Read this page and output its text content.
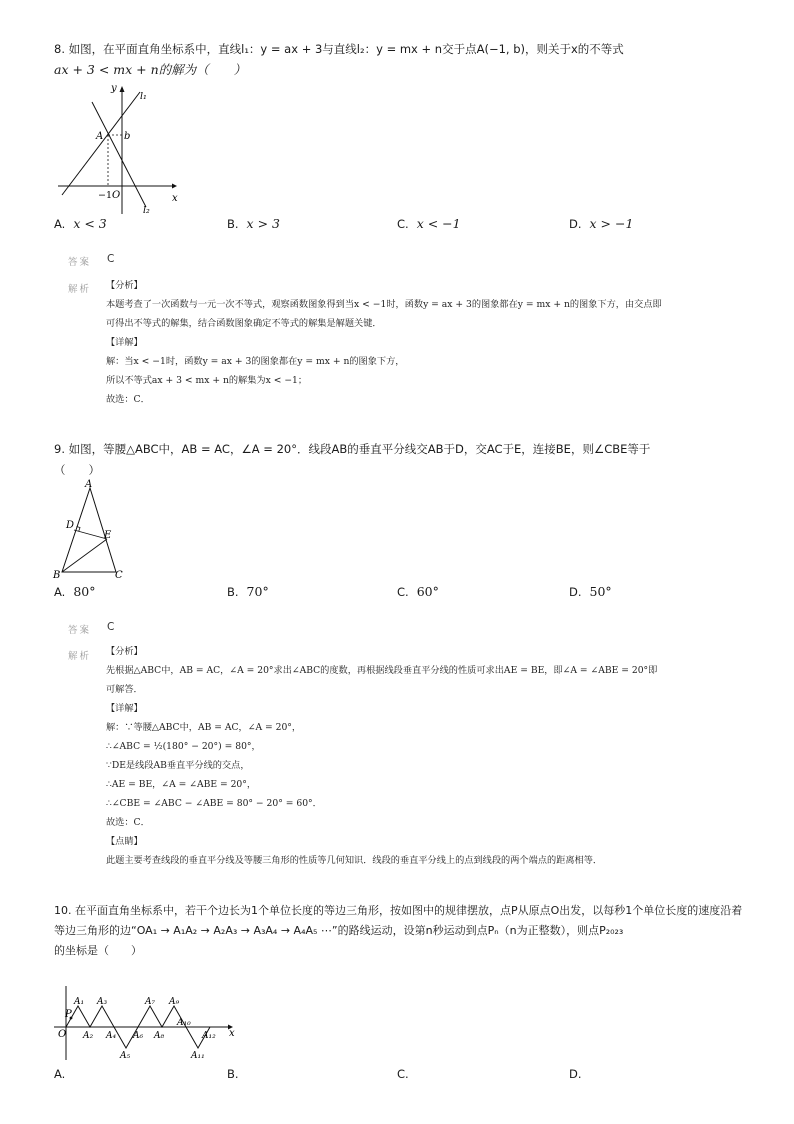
8. 如图，在平面直角坐标系中，直线l₁：y = ax + 3与直线l₂：y = mx + n交于点A(−1, b)，则关于x的不等式
ax + 3 < mx + n的解为（　　）
y
x
O
A b
−1
l₁
l₂
A. x < 3	B. x > 3	C. x < −1	D. x > −1
答案 C
解析 【分析】

本题考查了一次函数与一元一次不等式，观察函数图象得到当x < −1时，函数y = ax + 3的图象都在y = mx + n的图象下方，由交点即

可得出不等式的解集，结合函数图象确定不等式的解集是解题关键．

【详解】

解：当x < −1时，函数y = ax + 3的图象都在y = mx + n的图象下方，

所以不等式ax + 3 < mx + n的解集为x < −1；

故选：C．

9. 如图，等腰△ABC中，AB = AC，∠A = 20°．线段AB的垂直平分线交AB于D，交AC于E，连接BE，则∠CBE等于
（　　）
A
D
E
B	C
A. 80°	B. 70°	C. 60°	D. 50°
答案 C
解析 【分析】

先根据△ABC中，AB = AC，∠A = 20°求出∠ABC的度数，再根据线段垂直平分线的性质可求出AE = BE，即∠A = ∠ABE = 20°即

可解答．

【详解】

解：∵等腰△ABC中，AB = AC，∠A = 20°，

∴∠ABC = ½(180° − 20°) = 80°，

∵DE是线段AB垂直平分线的交点，

∴AE = BE，∠A = ∠ABE = 20°，

∴∠CBE = ∠ABC − ∠ABE = 80° − 20° = 60°．

故选：C．

【点睛】

此题主要考查线段的垂直平分线及等腰三角形的性质等几何知识．线段的垂直平分线上的点到线段的两个端点的距离相等．

10. 在平面直角坐标系中，若干个边长为1个单位长度的等边三角形，按如图中的规律摆放，点P从原点O出发，以每秒1个单位长度的速度沿着
等边三角形的边“OA₁ → A₁A₂ → A₂A₃ → A₃A₄ → A₄A₅ ⋯”的路线运动，设第n秒运动到点Pₙ（n为正整数），则点P₂₀₂₃
的坐标是（　　）
O
P
x
A₁
A₂
A₃
A₄
A₅
A₆
A₇
A₈
A₉
A₁₀
A₁₁
A₁₂
A.	B.	C.	D.
